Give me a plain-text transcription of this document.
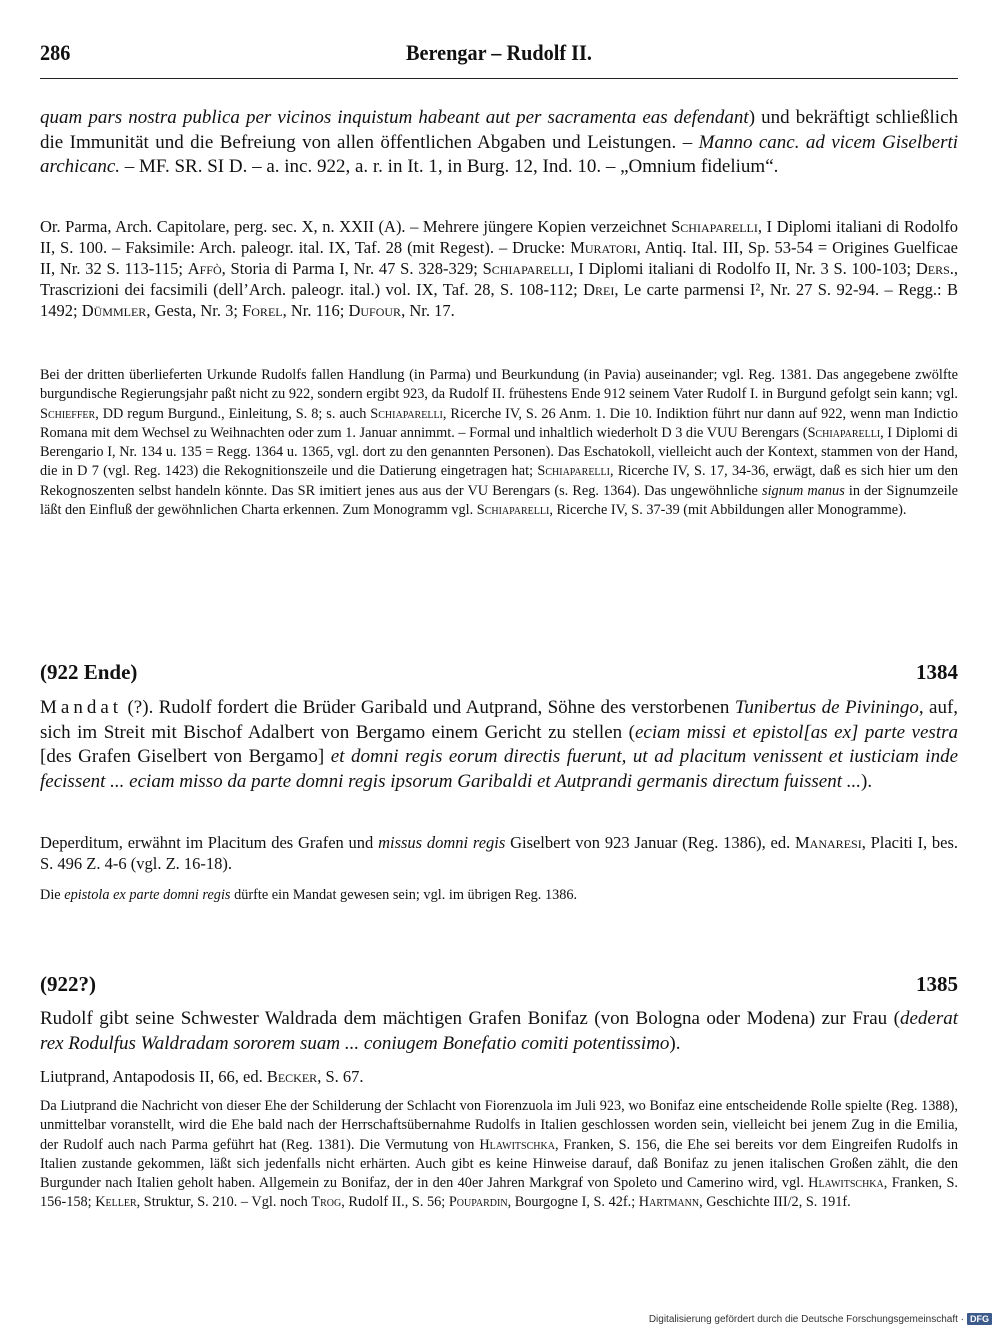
286	Berengar – Rudolf II.
quam pars nostra publica per vicinos inquistum habeant aut per sacramenta eas defendant) und bekräftigt schließlich die Immunität und die Befreiung von allen öffentlichen Abgaben und Leistungen. – Manno canc. ad vicem Giselberti archicanc. – MF. SR. SI D. – a. inc. 922, a. r. in It. 1, in Burg. 12, Ind. 10. – „Omnium fidelium“.
Or. Parma, Arch. Capitolare, perg. sec. X, n. XXII (A). – Mehrere jüngere Kopien verzeichnet Schiaparelli, I Diplomi italiani di Rodolfo II, S. 100. – Faksimile: Arch. paleogr. ital. IX, Taf. 28 (mit Regest). – Drucke: Muratori, Antiq. Ital. III, Sp. 53-54 = Origines Guelficae II, Nr. 32 S. 113-115; Affò, Storia di Parma I, Nr. 47 S. 328-329; Schiaparelli, I Diplomi italiani di Rodolfo II, Nr. 3 S. 100-103; Ders., Trascrizioni dei facsimili (dell’Arch. paleogr. ital.) vol. IX, Taf. 28, S. 108-112; Drei, Le carte parmensi I², Nr. 27 S. 92-94. – Regg.: B 1492; Dümmler, Gesta, Nr. 3; Forel, Nr. 116; Dufour, Nr. 17.
Bei der dritten überlieferten Urkunde Rudolfs fallen Handlung (in Parma) und Beurkundung (in Pavia) auseinander; vgl. Reg. 1381. Das angegebene zwölfte burgundische Regierungsjahr paßt nicht zu 922, sondern ergibt 923, da Rudolf II. frühestens Ende 912 seinem Vater Rudolf I. in Burgund gefolgt sein kann; vgl. Schieffer, DD regum Burgund., Einleitung, S. 8; s. auch Schiaparelli, Ricerche IV, S. 26 Anm. 1. Die 10. Indiktion führt nur dann auf 922, wenn man Indictio Romana mit dem Wechsel zu Weihnachten oder zum 1. Januar annimmt. – Formal und inhaltlich wiederholt D 3 die VUU Berengars (Schiaparelli, I Diplomi di Berengario I, Nr. 134 u. 135 = Regg. 1364 u. 1365, vgl. dort zu den genannten Personen). Das Eschatokoll, vielleicht auch der Kontext, stammen von der Hand, die in D 7 (vgl. Reg. 1423) die Rekognitionszeile und die Datierung eingetragen hat; Schiaparelli, Ricerche IV, S. 17, 34-36, erwägt, daß es sich hier um den Rekognoszenten selbst handeln könnte. Das SR imitiert jenes aus aus der VU Berengars (s. Reg. 1364). Das ungewöhnliche signum manus in der Signumzeile läßt den Einfluß der gewöhnlichen Charta erkennen. Zum Monogramm vgl. Schiaparelli, Ricerche IV, S. 37-39 (mit Abbildungen aller Monogramme).
(922 Ende)	1384
Mandat (?). Rudolf fordert die Brüder Garibald und Autprand, Söhne des verstorbenen Tunibertus de Piviningo, auf, sich im Streit mit Bischof Adalbert von Bergamo einem Gericht zu stellen (eciam missi et epistol[as ex] parte vestra [des Grafen Giselbert von Bergamo] et domni regis eorum directis fuerunt, ut ad placitum venissent et iusticiam inde fecissent ... eciam misso da parte domni regis ipsorum Garibaldi et Autprandi germanis directum fuissent ...).
Deperditum, erwähnt im Placitum des Grafen und missus domni regis Giselbert von 923 Januar (Reg. 1386), ed. Manaresi, Placiti I, bes. S. 496 Z. 4-6 (vgl. Z. 16-18).
Die epistola ex parte domni regis dürfte ein Mandat gewesen sein; vgl. im übrigen Reg. 1386.
(922?)	1385
Rudolf gibt seine Schwester Waldrada dem mächtigen Grafen Bonifaz (von Bologna oder Modena) zur Frau (dederat rex Rodulfus Waldradam sororem suam ... coniugem Bonefatio comiti potentissimo).
Liutprand, Antapodosis II, 66, ed. Becker, S. 67.
Da Liutprand die Nachricht von dieser Ehe der Schilderung der Schlacht von Fiorenzuola im Juli 923, wo Bonifaz eine entscheidende Rolle spielte (Reg. 1388), unmittelbar voranstellt, wird die Ehe bald nach der Herrschaftsübernahme Rudolfs in Italien geschlossen worden sein, vielleicht bei jenem Zug in die Emilia, der Rudolf auch nach Parma geführt hat (Reg. 1381). Die Vermutung von Hlawitschka, Franken, S. 156, die Ehe sei bereits vor dem Eingreifen Rudolfs in Italien zustande gekommen, läßt sich jedenfalls nicht erhärten. Auch gibt es keine Hinweise darauf, daß Bonifaz zu jenen italischen Großen zählt, die den Burgunder nach Italien geholt haben. Allgemein zu Bonifaz, der in den 40er Jahren Markgraf von Spoleto und Camerino wird, vgl. Hlawitschka, Franken, S. 156-158; Keller, Struktur, S. 210. – Vgl. noch Trog, Rudolf II., S. 56; Poupardin, Bourgogne I, S. 42f.; Hartmann, Geschichte III/2, S. 191f.
Digitalisierung gefördert durch die Deutsche Forschungsgemeinschaft · DFG
